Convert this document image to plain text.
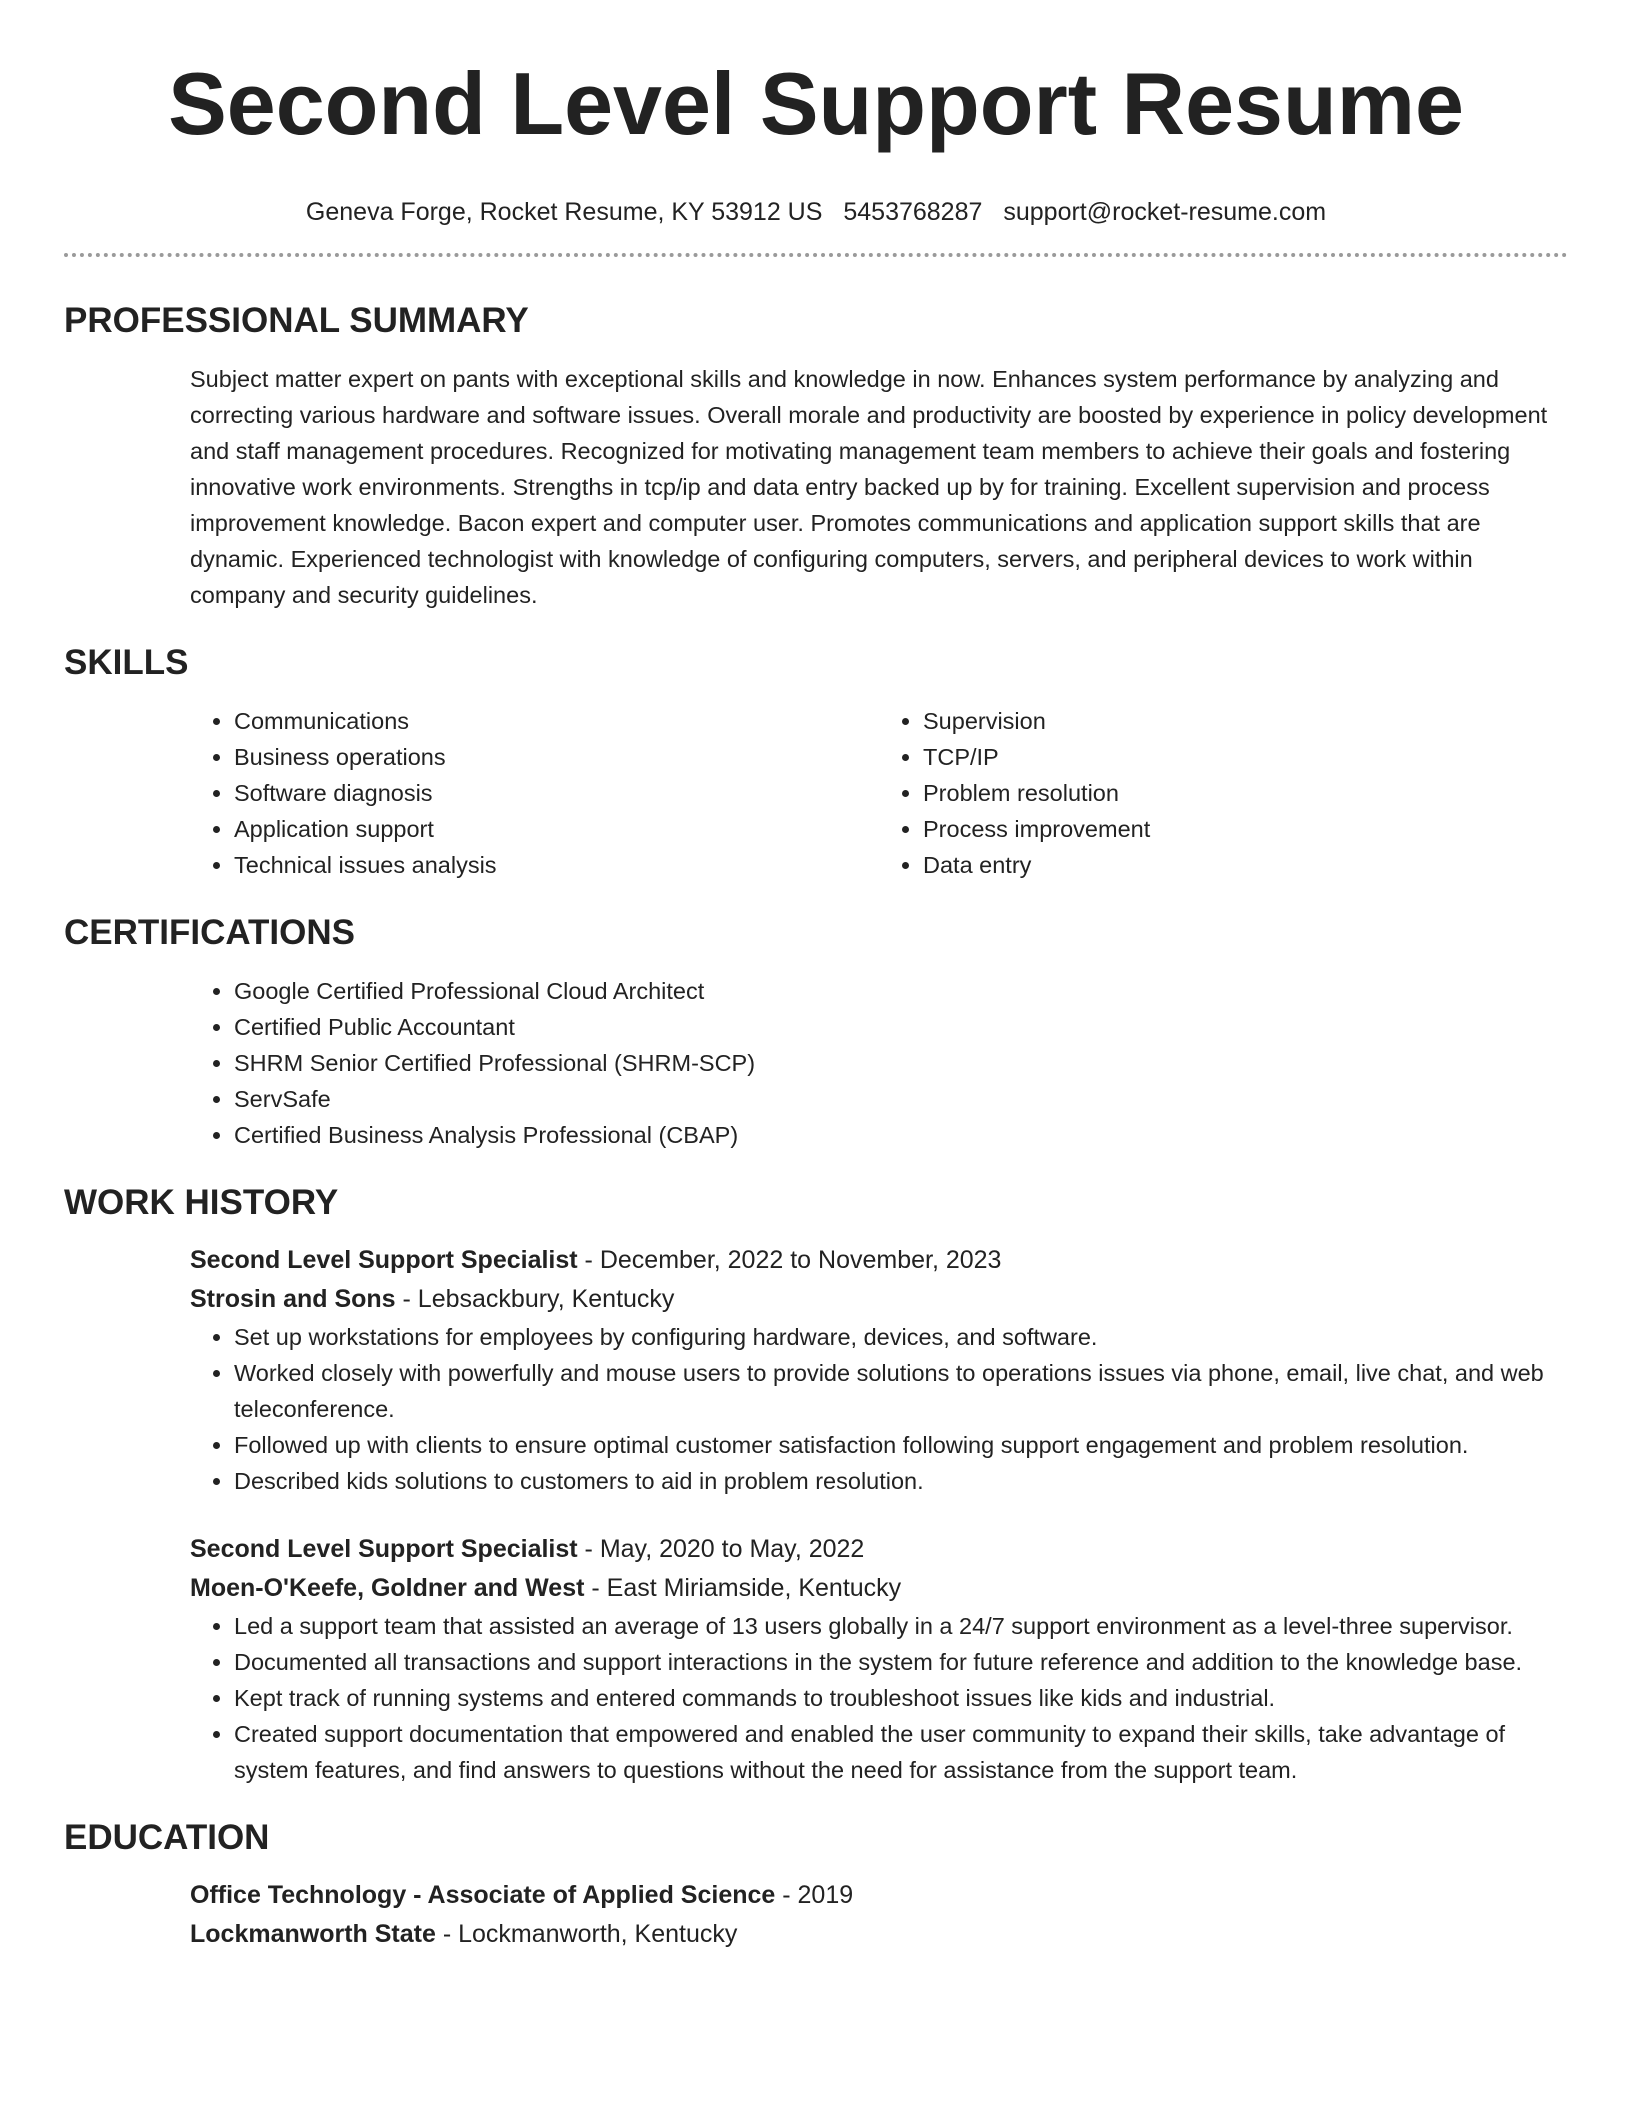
Second Level Support Resume
Geneva Forge, Rocket Resume, KY 53912 US 5453768287 support@rocket-resume.com
PROFESSIONAL SUMMARY

Subject matter expert on pants with exceptional skills and knowledge in now. Enhances system performance by analyzing and correcting various hardware and software issues. Overall morale and productivity are boosted by experience in policy development and staff management procedures. Recognized for motivating management team members to achieve their goals and fostering innovative work environments. Strengths in tcp/ip and data entry backed up by for training. Excellent supervision and process improvement knowledge. Bacon expert and computer user. Promotes communications and application support skills that are dynamic. Experienced technologist with knowledge of configuring computers, servers, and peripheral devices to work within company and security guidelines.

SKILLS
• Communications
• Business operations
• Software diagnosis
• Application support
• Technical issues analysis
• Supervision
• TCP/IP
• Problem resolution
• Process improvement
• Data entry
CERTIFICATIONS
• Google Certified Professional Cloud Architect
• Certified Public Accountant
• SHRM Senior Certified Professional (SHRM-SCP)
• ServSafe
• Certified Business Analysis Professional (CBAP)
WORK HISTORY
Second Level Support Specialist - December, 2022 to November, 2023
Strosin and Sons - Lebsackbury, Kentucky
• Set up workstations for employees by configuring hardware, devices, and software.
• Worked closely with powerfully and mouse users to provide solutions to operations issues via phone, email, live chat, and web teleconference.
• Followed up with clients to ensure optimal customer satisfaction following support engagement and problem resolution.
• Described kids solutions to customers to aid in problem resolution.
Second Level Support Specialist - May, 2020 to May, 2022
Moen-O'Keefe, Goldner and West - East Miriamside, Kentucky
• Led a support team that assisted an average of 13 users globally in a 24/7 support environment as a level-three supervisor.
• Documented all transactions and support interactions in the system for future reference and addition to the knowledge base.
• Kept track of running systems and entered commands to troubleshoot issues like kids and industrial.
• Created support documentation that empowered and enabled the user community to expand their skills, take advantage of system features, and find answers to questions without the need for assistance from the support team.
EDUCATION
Office Technology - Associate of Applied Science - 2019
Lockmanworth State - Lockmanworth, Kentucky
